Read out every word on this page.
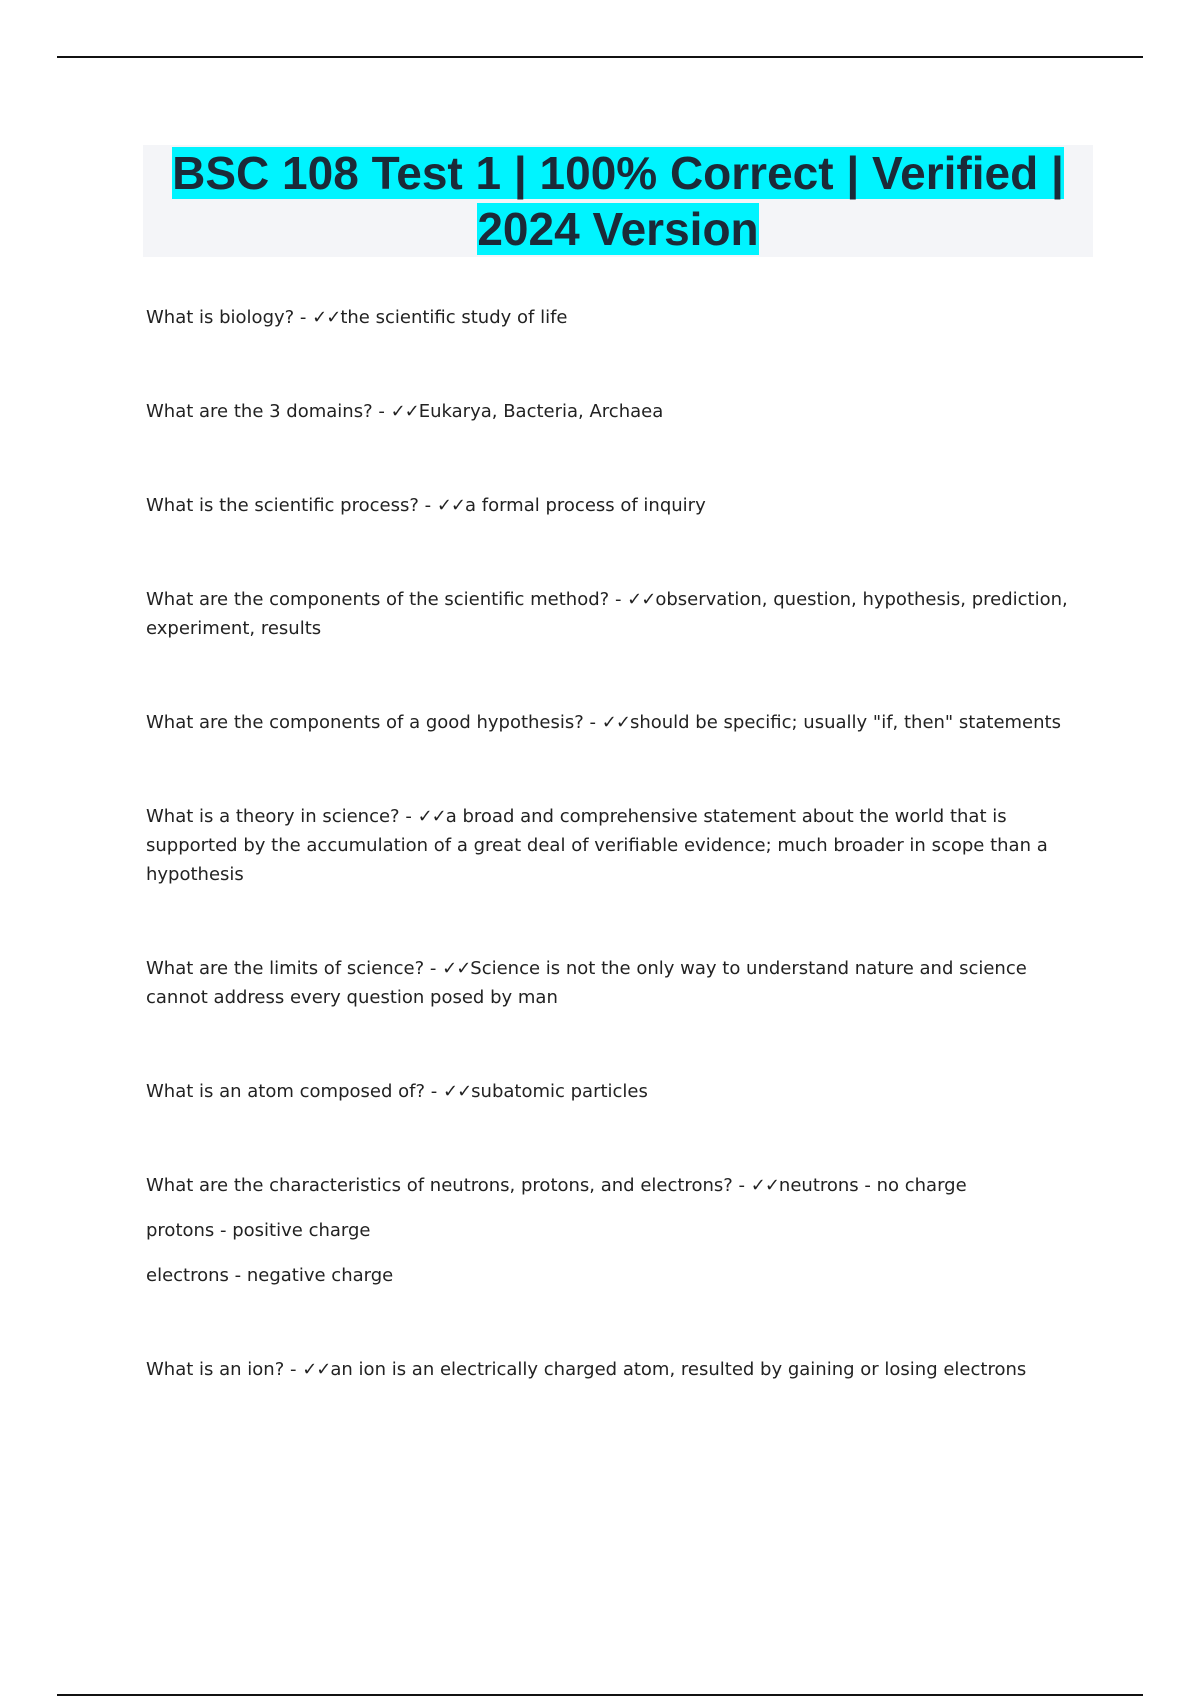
BSC 108 Test 1 | 100% Correct | Verified |
2024 Version
What is biology? - ✓✓the scientific study of life
What are the 3 domains? - ✓✓Eukarya, Bacteria, Archaea
What is the scientific process? - ✓✓a formal process of inquiry
What are the components of the scientific method? - ✓✓observation, question, hypothesis, prediction, experiment, results
What are the components of a good hypothesis? - ✓✓should be specific; usually "if, then" statements
What is a theory in science? - ✓✓a broad and comprehensive statement about the world that is supported by the accumulation of a great deal of verifiable evidence; much broader in scope than a hypothesis
What are the limits of science? - ✓✓Science is not the only way to understand nature and science cannot address every question posed by man
What is an atom composed of? - ✓✓subatomic particles
What are the characteristics of neutrons, protons, and electrons? - ✓✓neutrons - no charge
protons - positive charge
electrons - negative charge
What is an ion? - ✓✓an ion is an electrically charged atom, resulted by gaining or losing electrons
